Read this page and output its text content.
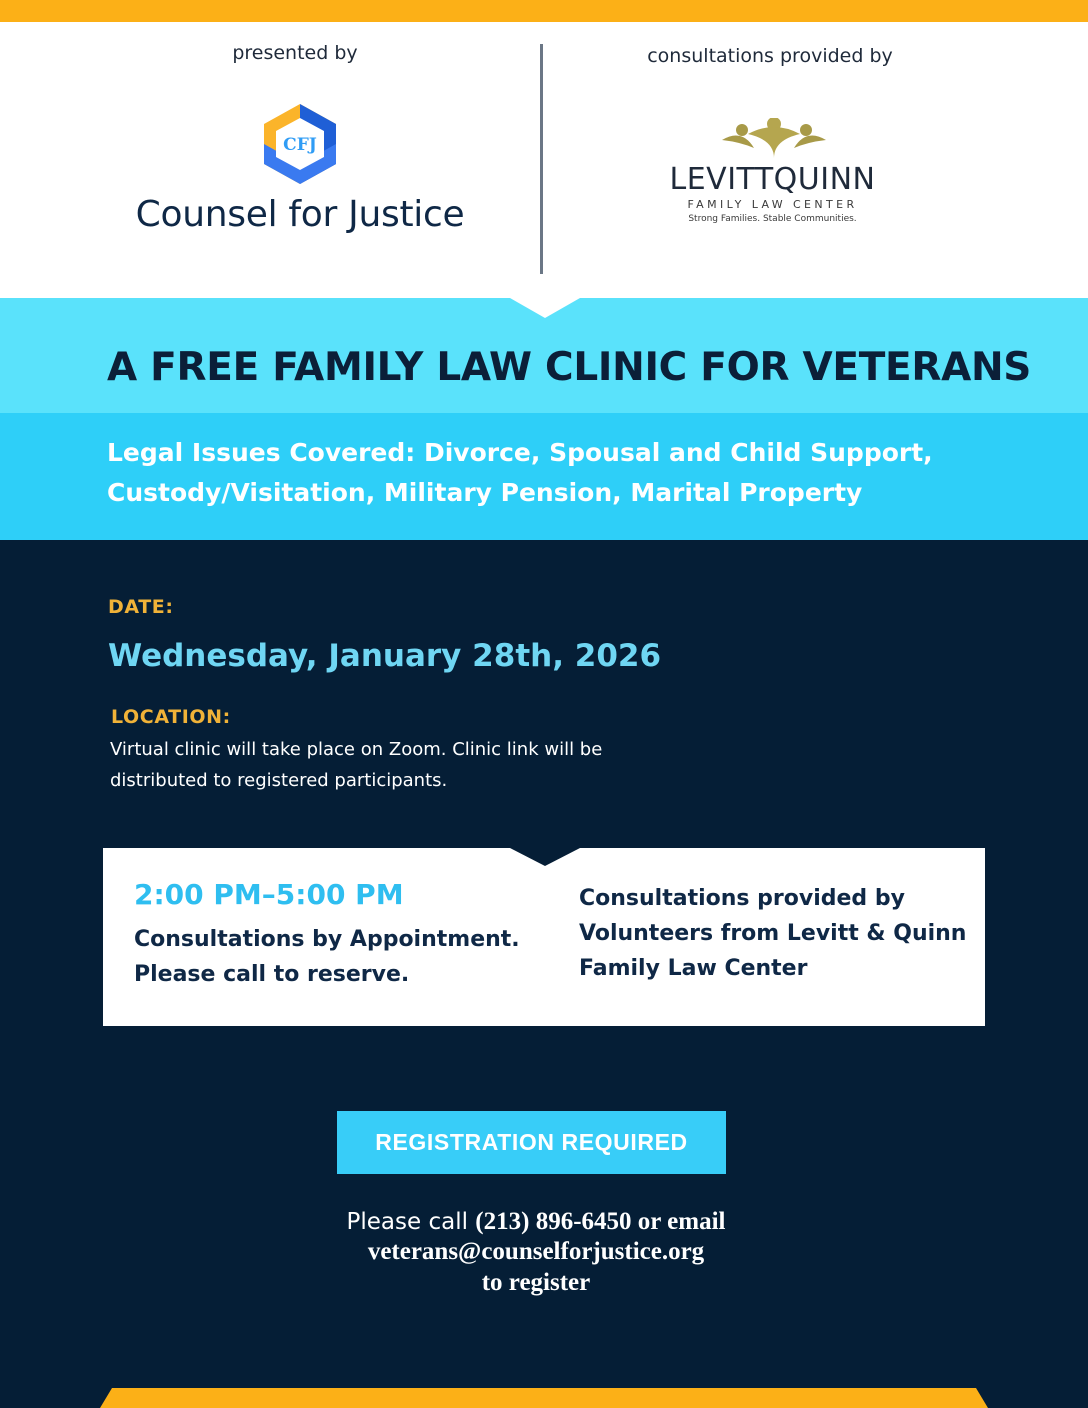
presented by	consultations provided by
CFJ
Counsel for Justice
LEVITTQUINN
FAMILY LAW CENTER
Strong Families. Stable Communities.
A FREE FAMILY LAW CLINIC FOR VETERANS
Legal Issues Covered: Divorce, Spousal and Child Support,
Custody/Visitation, Military Pension, Marital Property
DATE:
Wednesday, January 28th, 2026
LOCATION:
Virtual clinic will take place on Zoom. Clinic link will be
distributed to registered participants.
2:00 PM–5:00 PM
Consultations by Appointment.
Please call to reserve.
Consultations provided by
Volunteers from Levitt & Quinn
Family Law Center
REGISTRATION REQUIRED
Please call (213) 896-6450 or email
veterans@counselforjustice.org
to register
